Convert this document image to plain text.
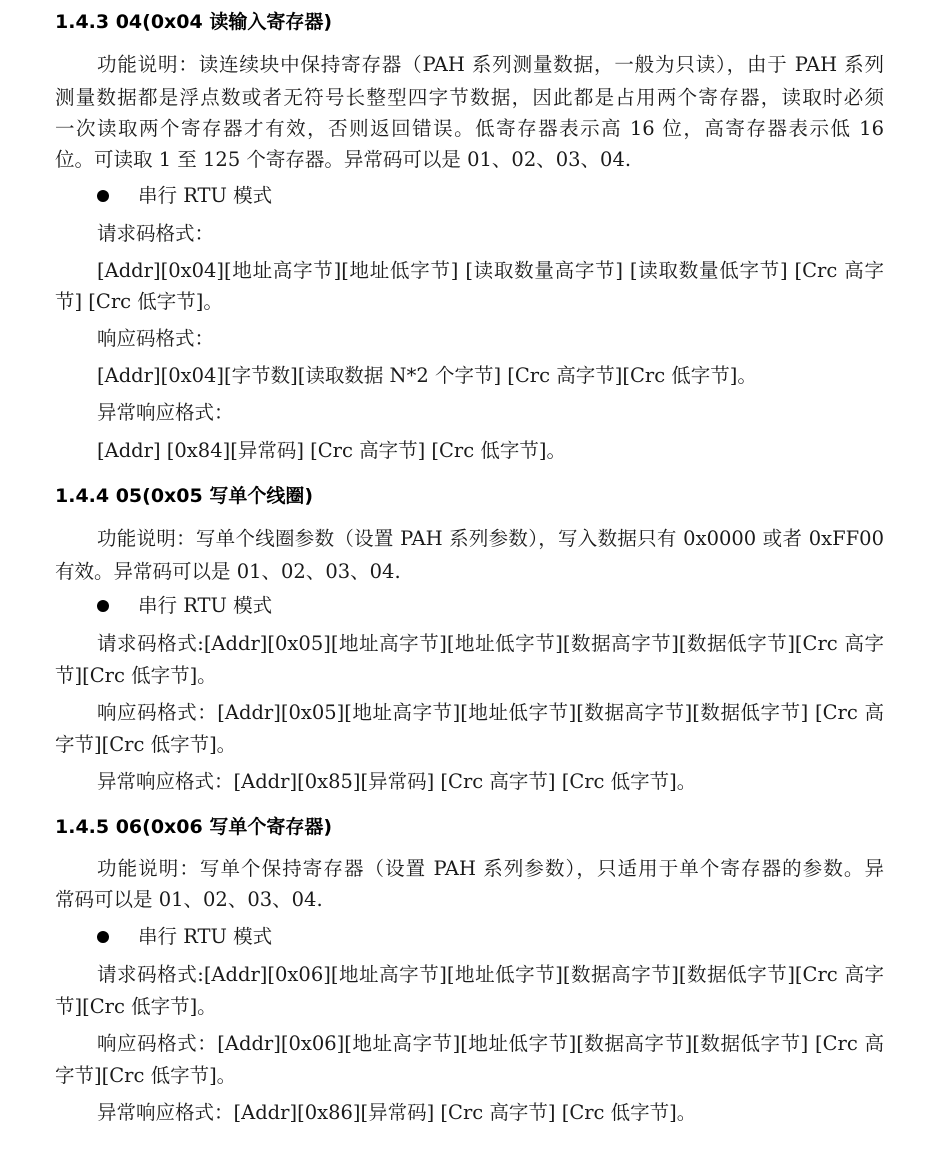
1.4.3 04(0x04 读输入寄存器)
功能说明：读连续块中保持寄存器（PAH 系列测量数据，一般为只读），由于 PAH 系列
测量数据都是浮点数或者无符号长整型四字节数据，因此都是占用两个寄存器，读取时必须
一次读取两个寄存器才有效，否则返回错误。低寄存器表示高 16 位，高寄存器表示低 16
位。可读取 1 至 125 个寄存器。异常码可以是 01、02、03、04.
串行 RTU 模式
请求码格式：
[Addr][0x04][地址高字节][地址低字节] [读取数量高字节] [读取数量低字节] [Crc 高字
节] [Crc 低字节]。
响应码格式：
[Addr][0x04][字节数][读取数据 N*2 个字节] [Crc 高字节][Crc 低字节]。
异常响应格式：
[Addr] [0x84][异常码] [Crc 高字节] [Crc 低字节]。
1.4.4 05(0x05 写单个线圈)
功能说明：写单个线圈参数（设置 PAH 系列参数），写入数据只有 0x0000 或者 0xFF00
有效。异常码可以是 01、02、03、04.
串行 RTU 模式
请求码格式:[Addr][0x05][地址高字节][地址低字节][数据高字节][数据低字节][Crc 高字
节][Crc 低字节]。
响应码格式：[Addr][0x05][地址高字节][地址低字节][数据高字节][数据低字节] [Crc 高
字节][Crc 低字节]。
异常响应格式：[Addr][0x85][异常码] [Crc 高字节] [Crc 低字节]。
1.4.5 06(0x06 写单个寄存器)
功能说明：写单个保持寄存器（设置 PAH 系列参数），只适用于单个寄存器的参数。异
常码可以是 01、02、03、04.
串行 RTU 模式
请求码格式:[Addr][0x06][地址高字节][地址低字节][数据高字节][数据低字节][Crc 高字
节][Crc 低字节]。
响应码格式：[Addr][0x06][地址高字节][地址低字节][数据高字节][数据低字节] [Crc 高
字节][Crc 低字节]。
异常响应格式：[Addr][0x86][异常码] [Crc 高字节] [Crc 低字节]。
